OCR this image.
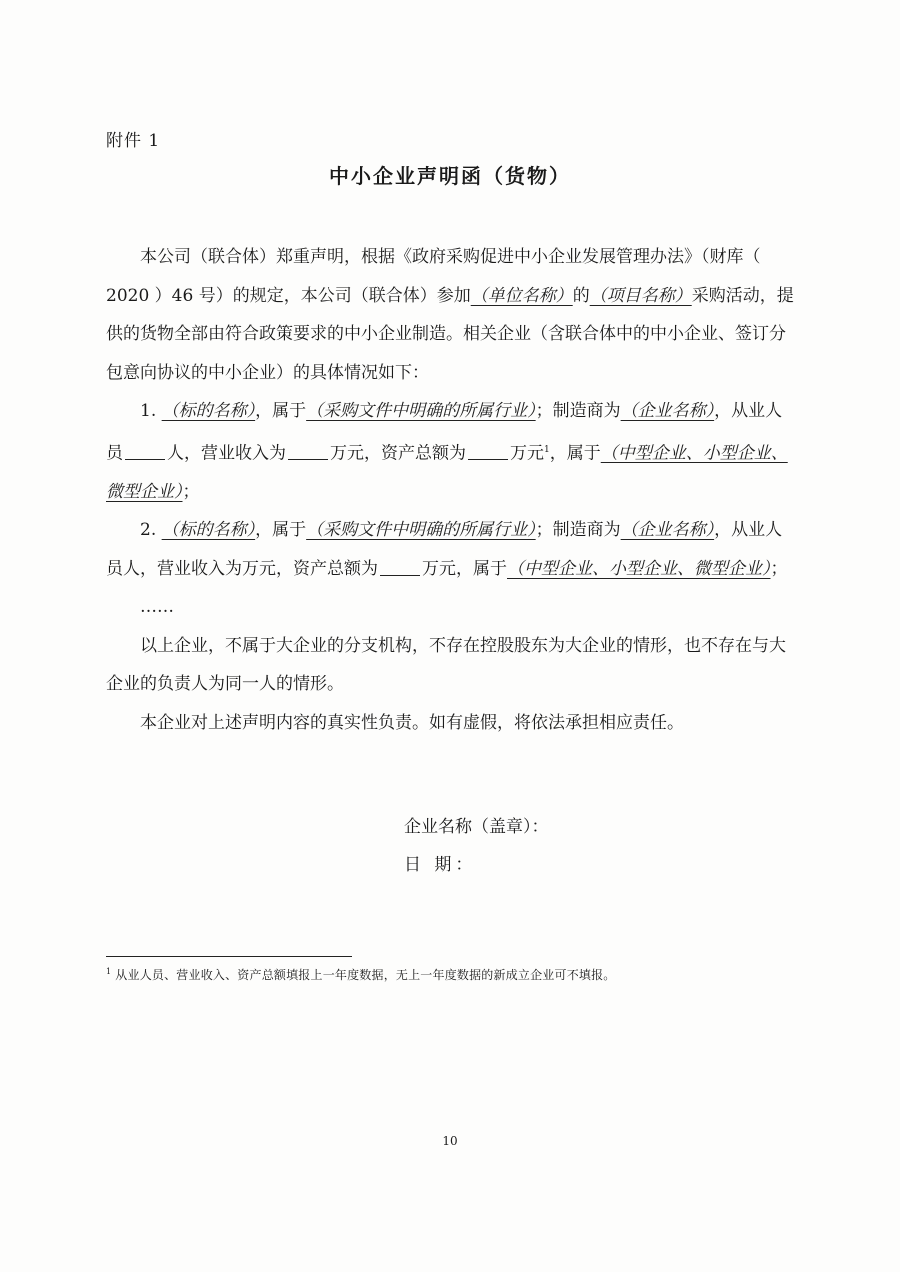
附件 1
中小企业声明函（货物）

本公司（联合体）郑重声明，根据《政府采购促进中小企业发展管理办法》（财库（ 2020 ）46 号）的规定，本公司（联合体）参加（单位名称）的（项目名称）采购活动，提供的货物全部由符合政策要求的中小企业制造。相关企业（含联合体中的中小企业、签订分包意向协议的中小企业）的具体情况如下：

1. （标的名称），属于（采购文件中明确的所属行业）；制造商为（企业名称），从业人员	人，营业收入为	万元，资产总额为	万元$^1$，属于（中型企业、小型企业、微型企业）；

2. （标的名称），属于（采购文件中明确的所属行业）；制造商为（企业名称），从业人员人，营业收入为万元，资产总额为	万元，属于（中型企业、小型企业、微型企业）；

……

以上企业，不属于大企业的分支机构，不存在控股股东为大企业的情形，也不存在与大企业的负责人为同一人的情形。

本企业对上述声明内容的真实性负责。如有虚假，将依法承担相应责任。

企业名称（盖章）：
日 期：
$^1$ 从业人员、营业收入、资产总额填报上一年度数据，无上一年度数据的新成立企业可不填报。
10
